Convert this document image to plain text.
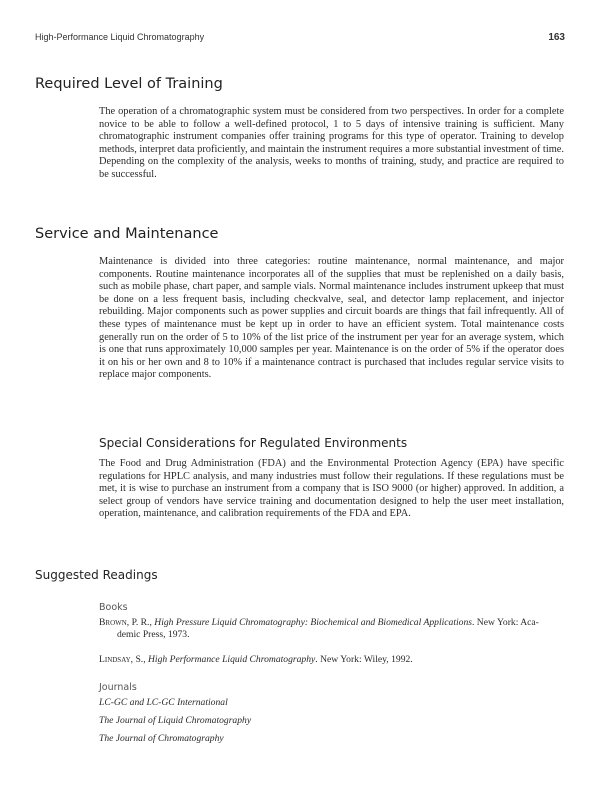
High-Performance Liquid Chromatography	163
Required Level of Training

The operation of a chromatographic system must be considered from two perspectives. In order for a complete novice to be able to follow a well-defined protocol, 1 to 5 days of intensive training is sufficient. Many chromatographic instrument companies offer training programs for this type of operator. Training to develop methods, interpret data proficiently, and maintain the instrument requires a more substantial investment of time. Depending on the complexity of the analysis, weeks to months of training, study, and practice are required to be successful.

Service and Maintenance

Maintenance is divided into three categories: routine maintenance, normal maintenance, and major components. Routine maintenance incorporates all of the supplies that must be replenished on a daily basis, such as mobile phase, chart paper, and sample vials. Normal maintenance includes instrument upkeep that must be done on a less frequent basis, including checkvalve, seal, and detector lamp replacement, and injector rebuilding. Major components such as power supplies and circuit boards are things that fail infrequently. All of these types of maintenance must be kept up in order to have an efficient system. Total maintenance costs generally run on the order of 5 to 10% of the list price of the instrument per year for an average system, which is one that runs approximately 10,000 samples per year. Maintenance is on the order of 5% if the operator does it on his or her own and 8 to 10% if a maintenance contract is purchased that includes regular service visits to replace major components.

Special Considerations for Regulated Environments

The Food and Drug Administration (FDA) and the Environmental Protection Agency (EPA) have specific regulations for HPLC analysis, and many industries must follow their regulations. If these regulations must be met, it is wise to purchase an instrument from a company that is ISO 9000 (or higher) approved. In addition, a select group of vendors have service training and documentation designed to help the user meet installation, operation, maintenance, and calibration requirements of the FDA and EPA.

Suggested Readings
Books
Brown, P. R., High Pressure Liquid Chromatography: Biochemical and Biomedical Applications. New York: Aca-
demic Press, 1973.
Lindsay, S., High Performance Liquid Chromatography. New York: Wiley, 1992.
Journals

LC-GC and LC-GC International

The Journal of Liquid Chromatography

The Journal of Chromatography
